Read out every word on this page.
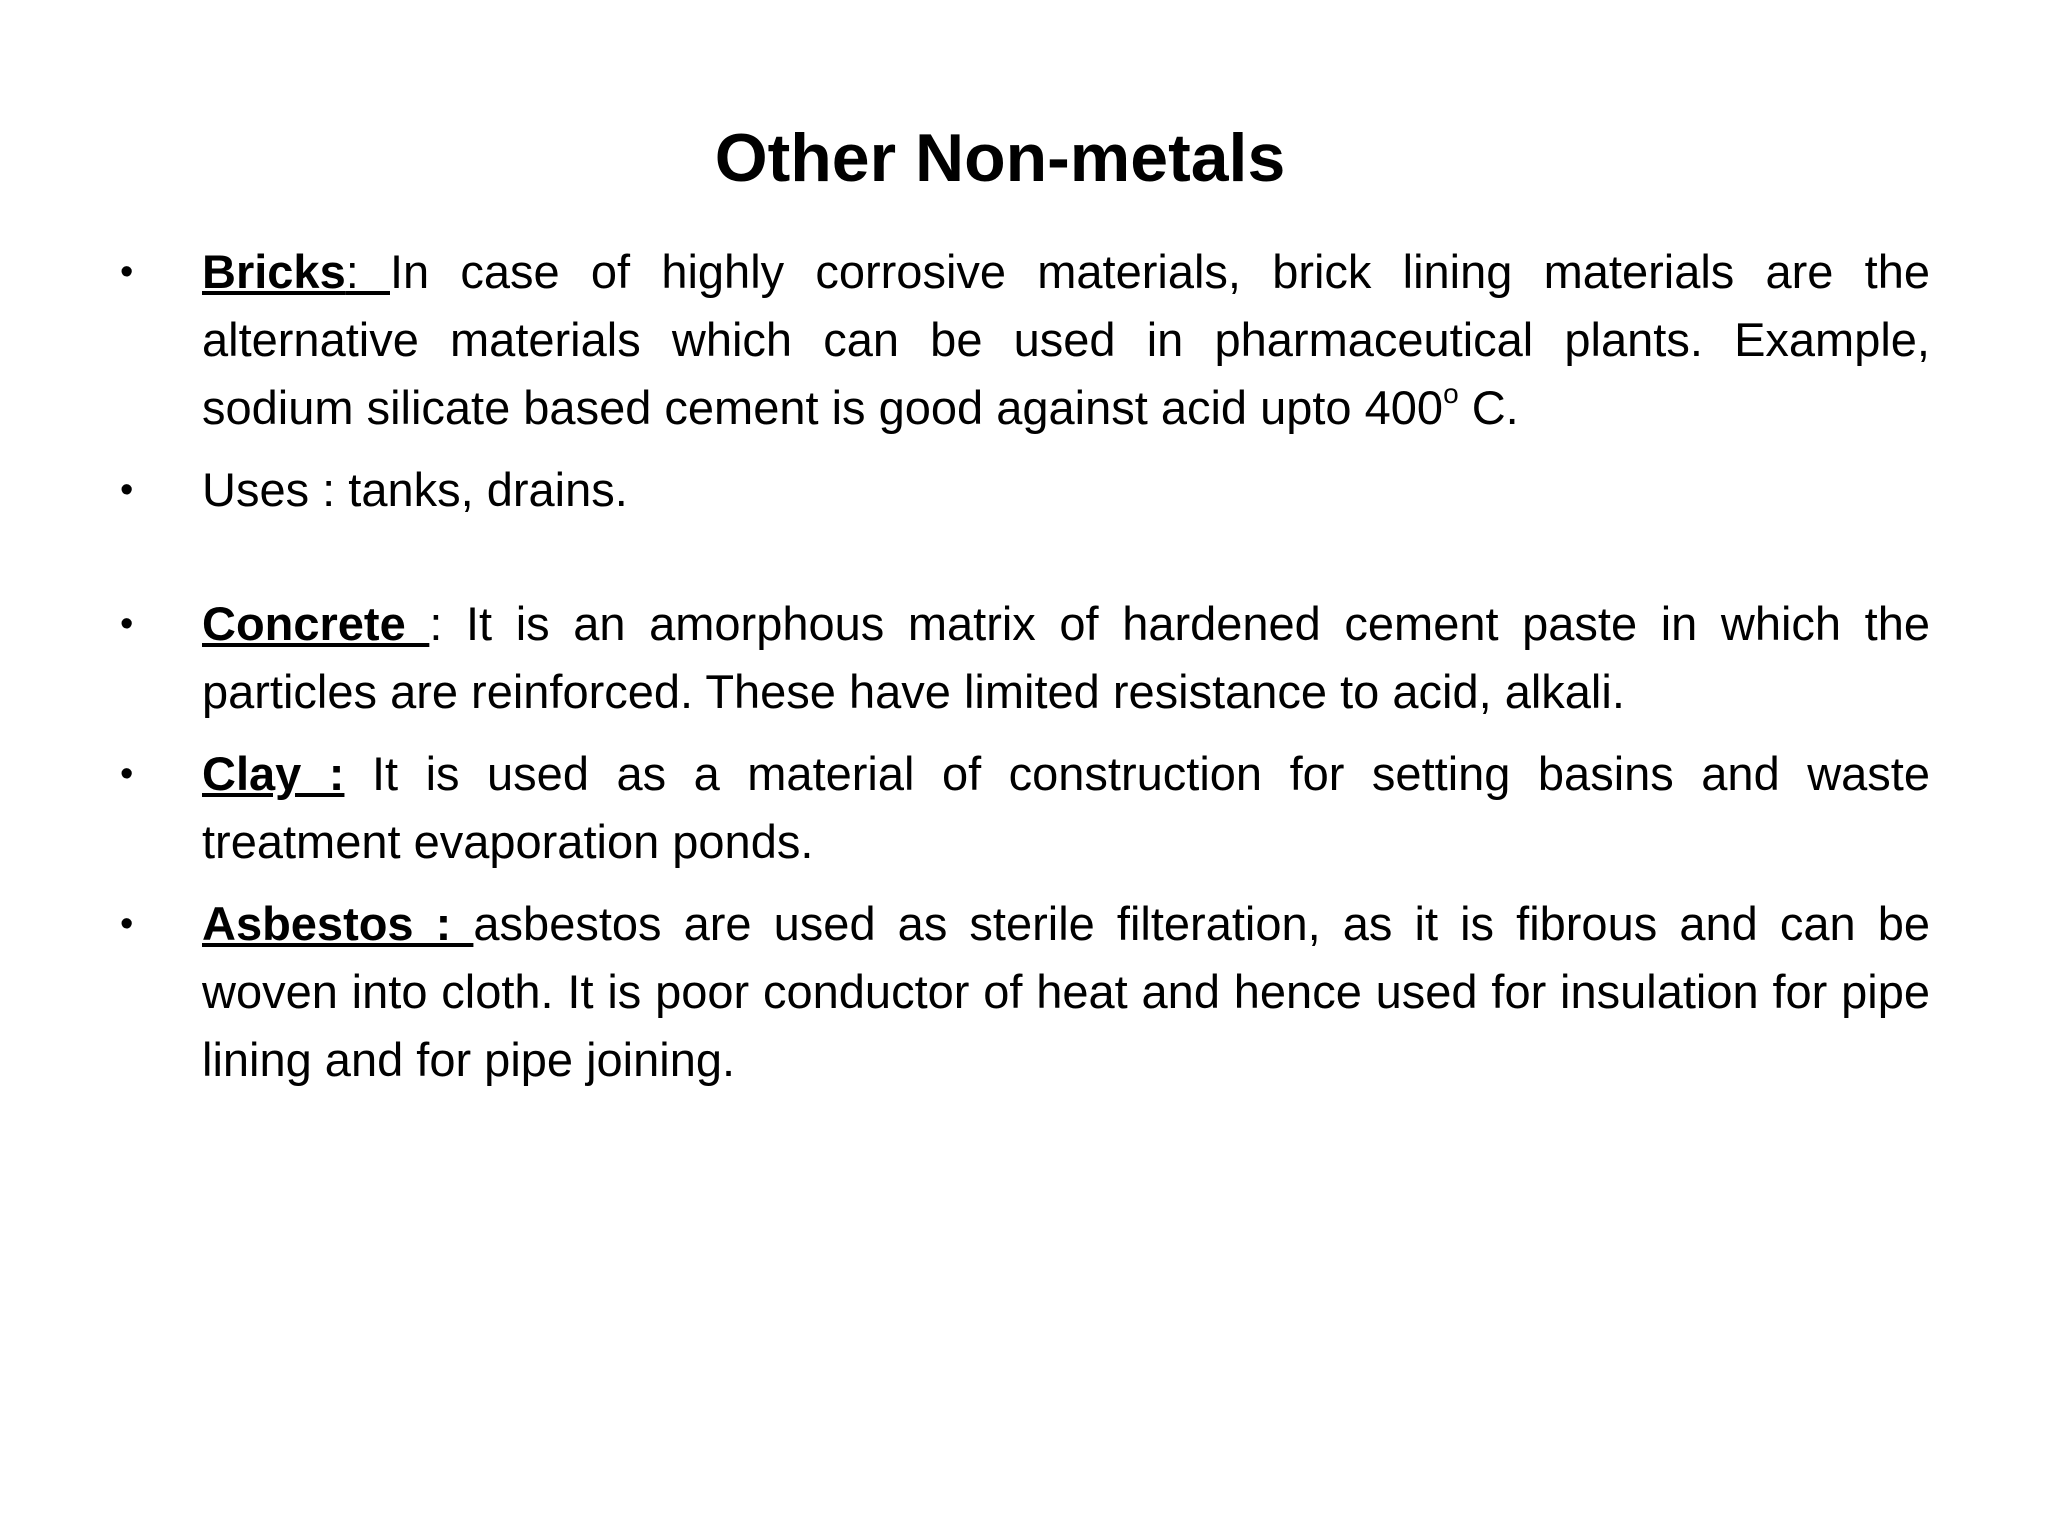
Other Non-metals
•	Bricks: In case of highly corrosive materials, brick lining materials are the alternative materials which can be used in pharmaceutical plants. Example, sodium silicate based cement is good against acid upto 400$^o$ C.
•	Uses : tanks, drains.
•	Concrete : It is an amorphous matrix of hardened cement paste in which the particles are reinforced. These have limited resistance to acid, alkali.
•	Clay : It is used as a material of construction for setting basins and waste treatment evaporation ponds.
•	Asbestos : asbestos are used as sterile filteration, as it is fibrous and can be woven into cloth. It is poor conductor of heat and hence used for insulation for pipe lining and for pipe joining.
